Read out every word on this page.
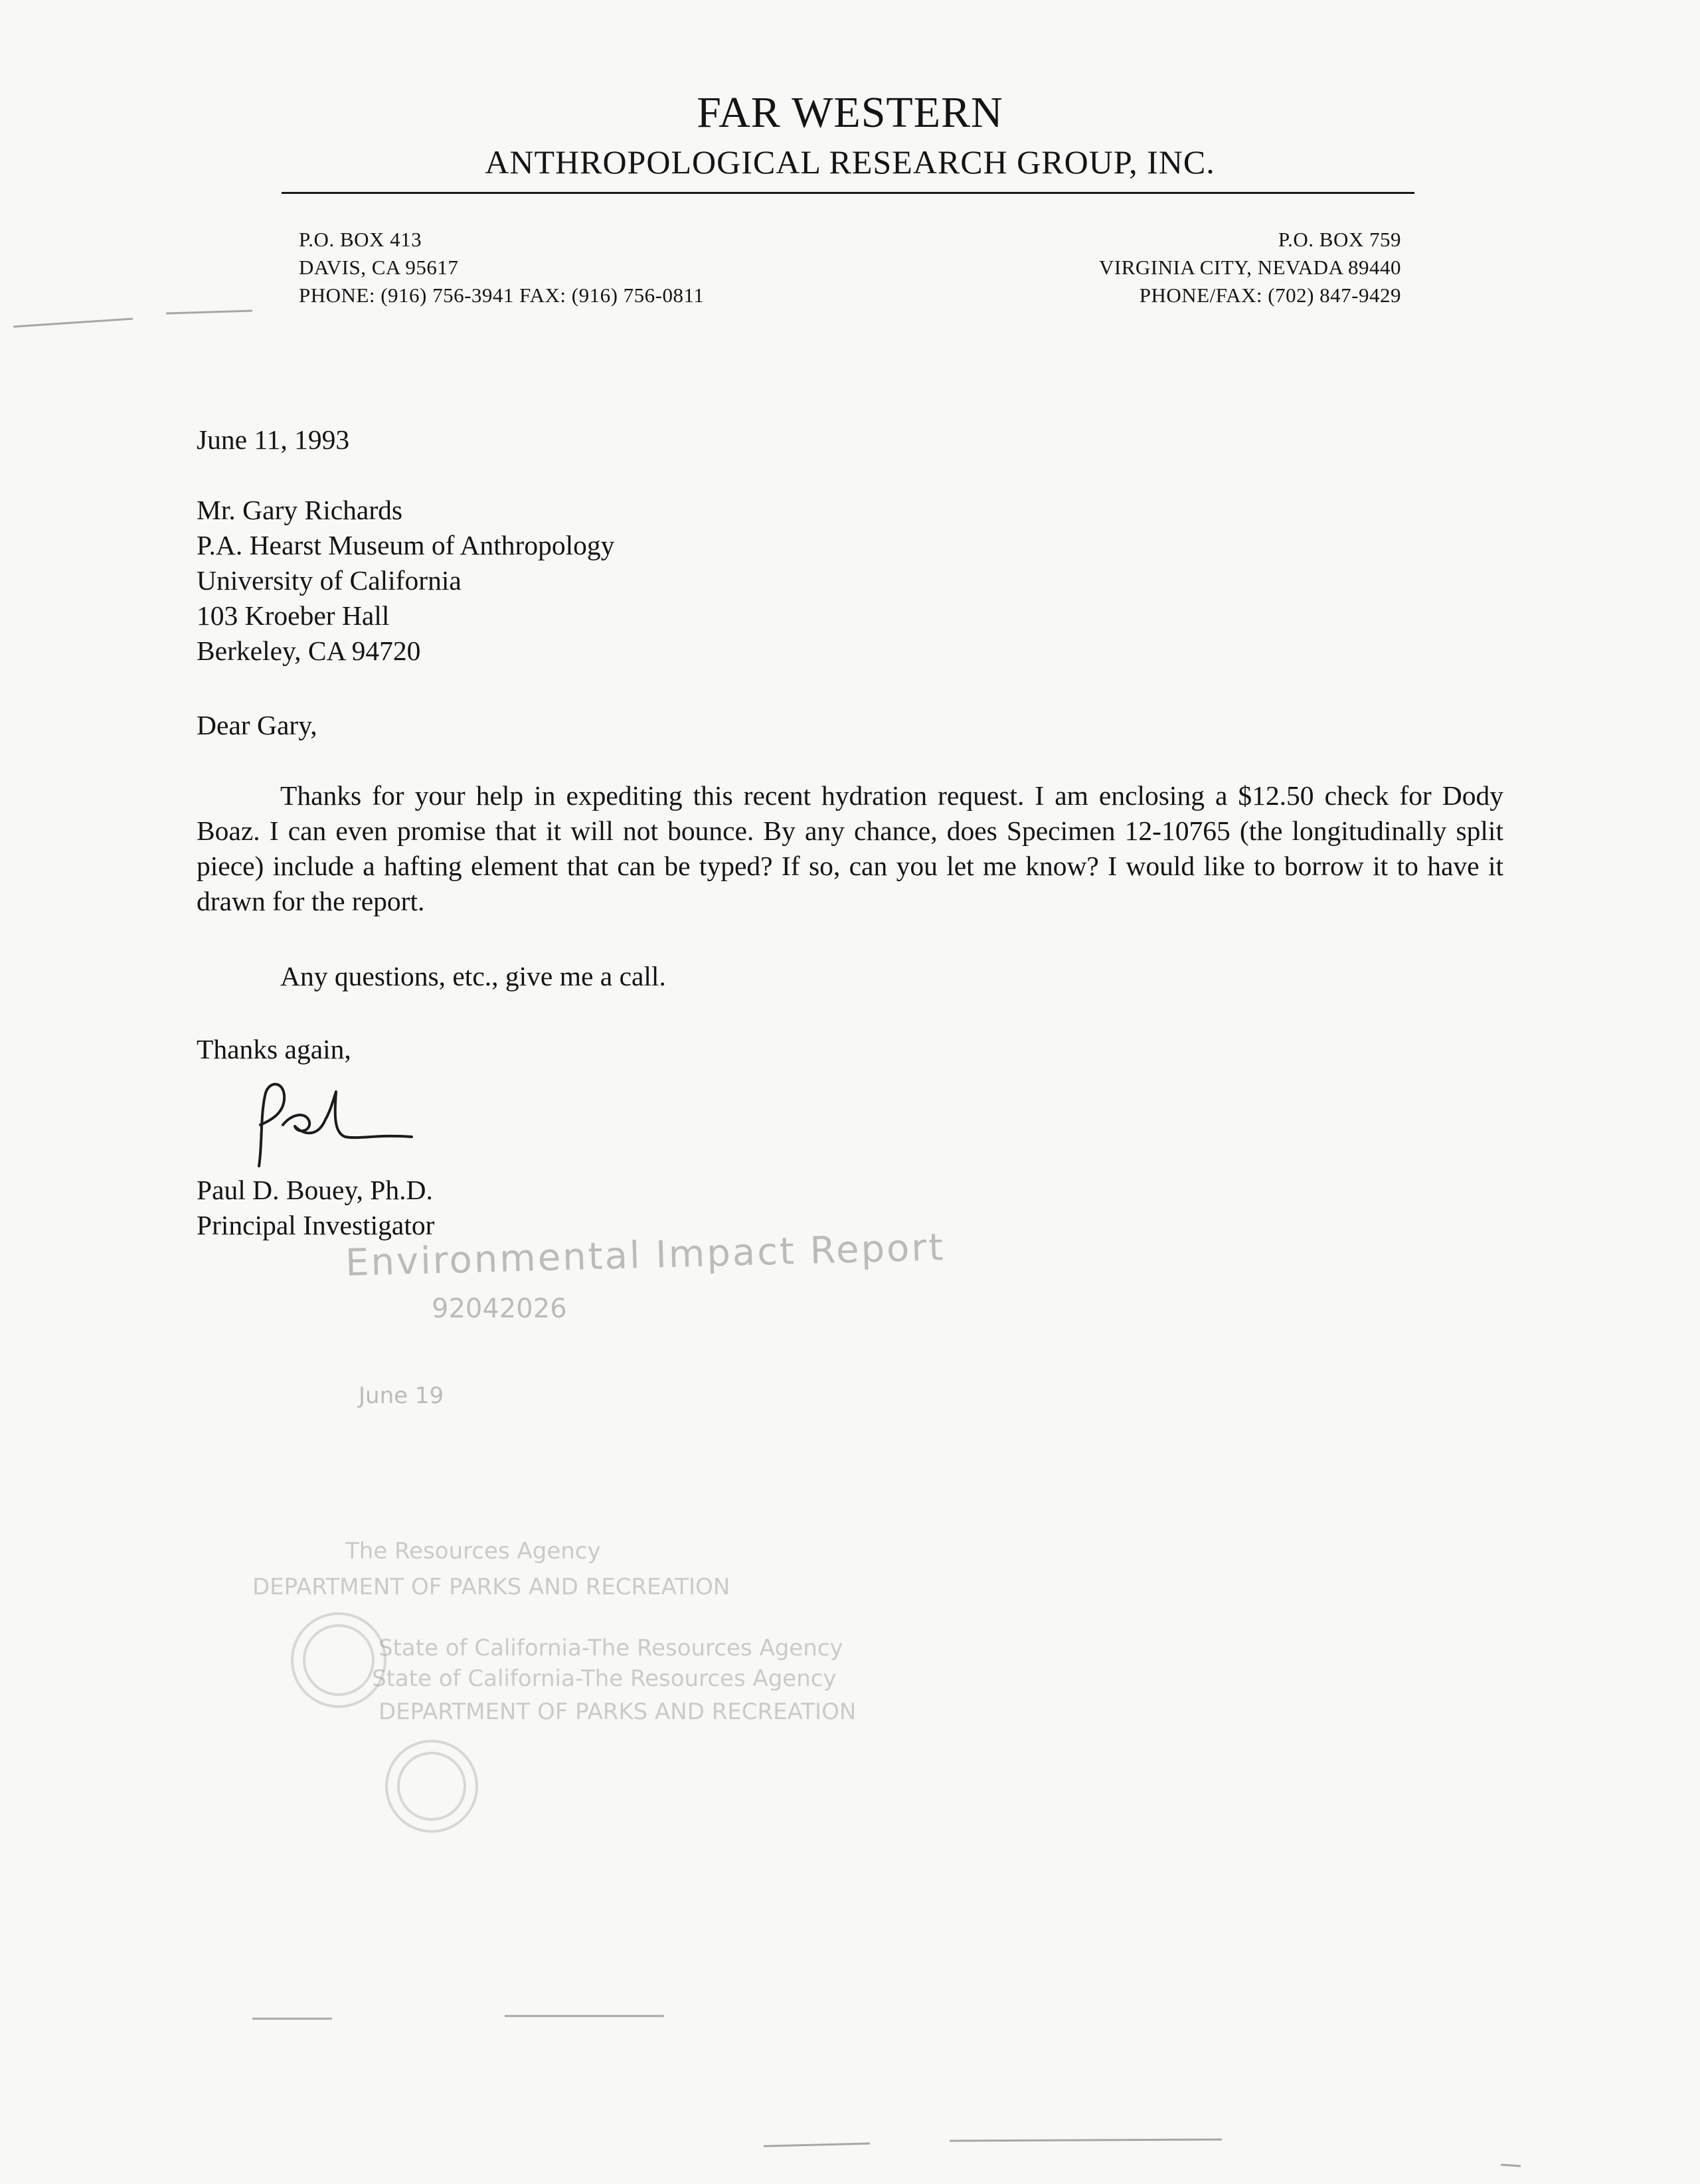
FAR WESTERN
ANTHROPOLOGICAL RESEARCH GROUP, INC.
P.O. BOX 413
DAVIS, CA 95617
PHONE: (916) 756-3941 FAX: (916) 756-0811
P.O. BOX 759
VIRGINIA CITY, NEVADA 89440
PHONE/FAX: (702) 847-9429
June 11, 1993
Mr. Gary Richards
P.A. Hearst Museum of Anthropology
University of California
103 Kroeber Hall
Berkeley, CA 94720
Dear Gary,
Thanks for your help in expediting this recent hydration request. I am enclosing a $12.50 check for Dody Boaz. I can even promise that it will not bounce. By any chance, does Specimen 12-10765 (the longitudinally split piece) include a hafting element that can be typed? If so, can you let me know? I would like to borrow it to have it drawn for the report.
Any questions, etc., give me a call.
Thanks again,
Paul D. Bouey, Ph.D.
Principal Investigator
Environmental Impact Report
92042026
June 19
The Resources Agency
DEPARTMENT OF PARKS AND RECREATION
State of California-The Resources Agency
State of California-The Resources Agency
DEPARTMENT OF PARKS AND RECREATION
